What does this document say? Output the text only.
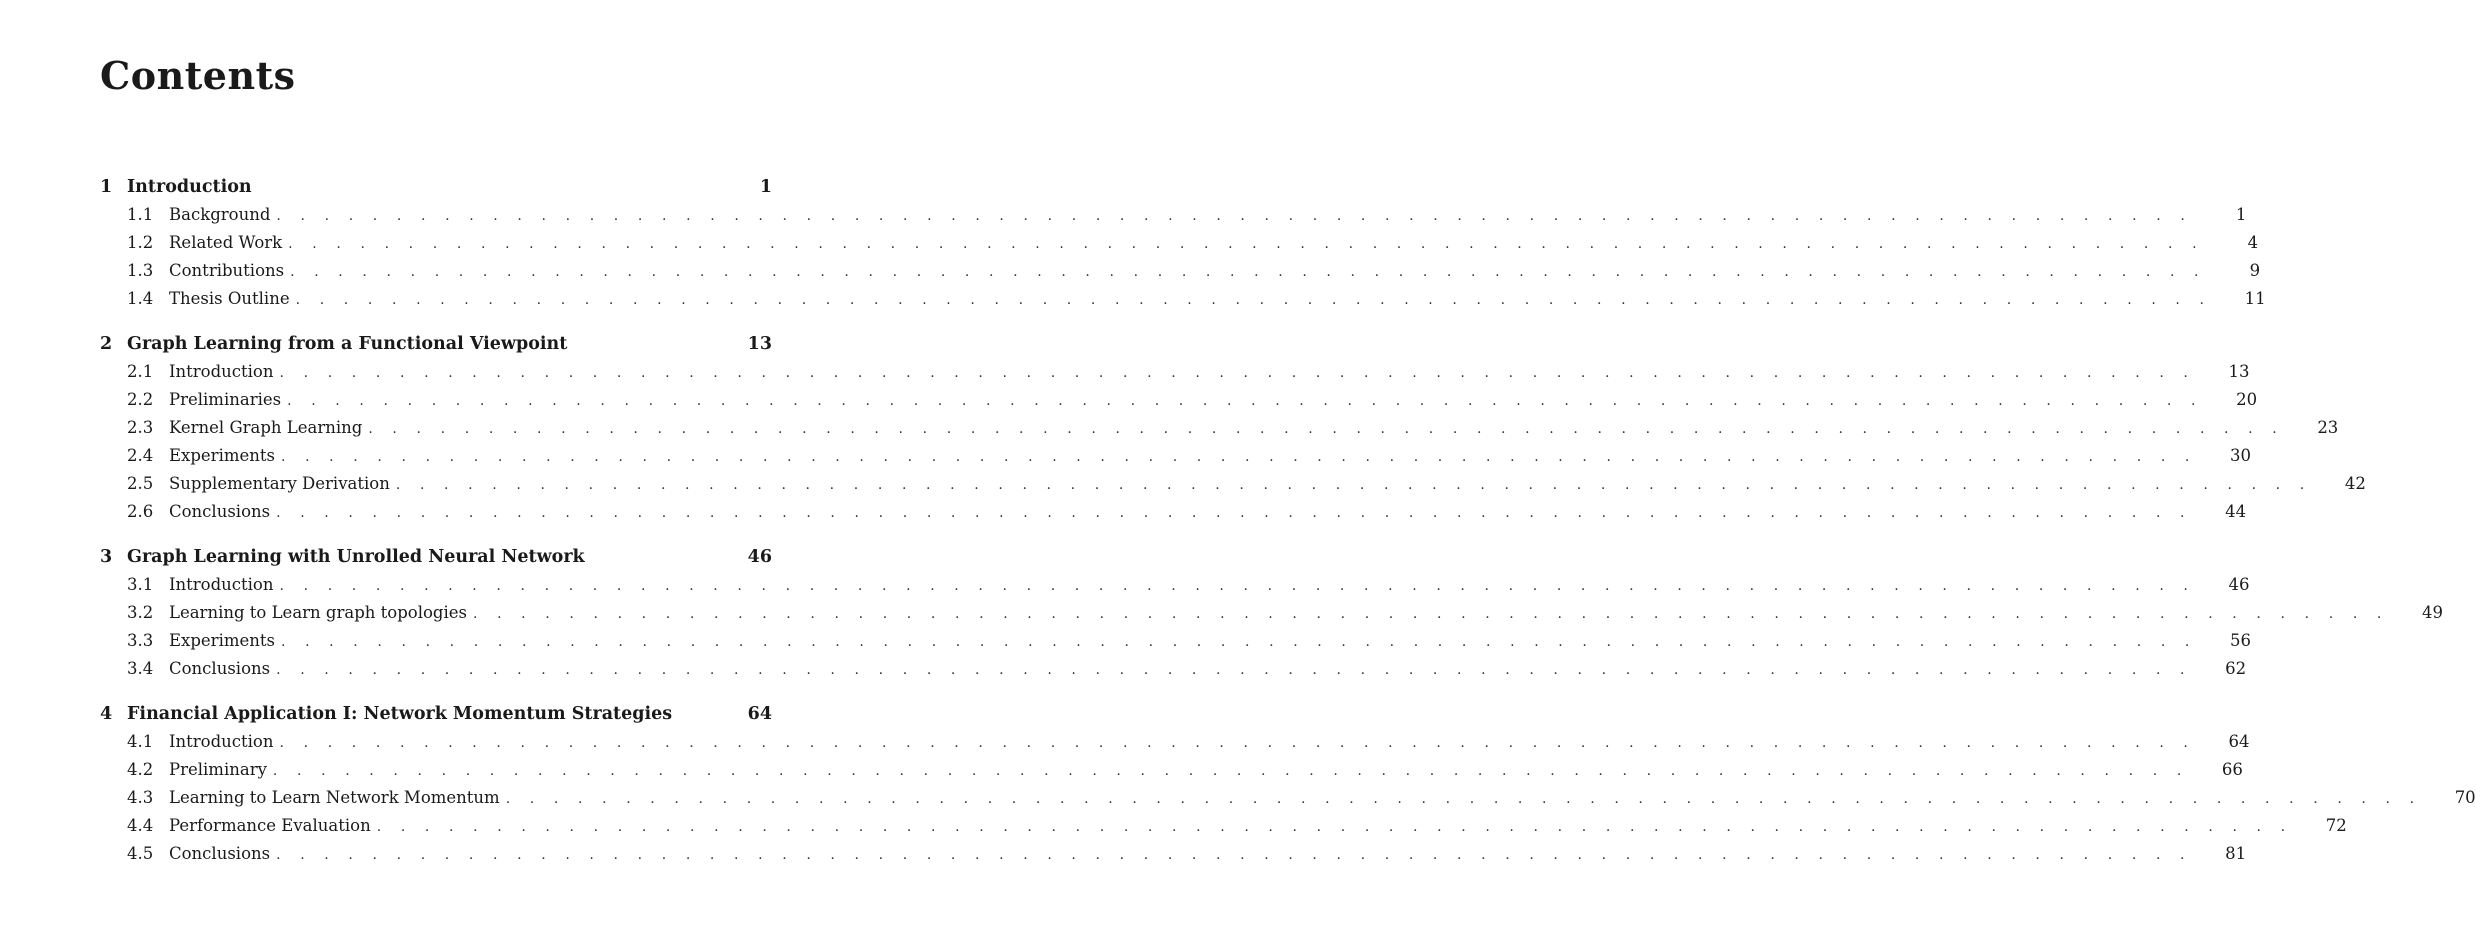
Contents
1 Introduction	1
1.1 Background . . . . . . . . . . . . . . . . . . . . . . . . . . . . . . . . . . . . . . . . . . . . . . . . . . . . . . . . . . . . . . . . . . . . . . . . . . . . . . . .	1
1.2 Related Work . . . . . . . . . . . . . . . . . . . . . . . . . . . . . . . . . . . . . . . . . . . . . . . . . . . . . . . . . . . . . . . . . . . . . . . . . . . . . . . .	4
1.3 Contributions . . . . . . . . . . . . . . . . . . . . . . . . . . . . . . . . . . . . . . . . . . . . . . . . . . . . . . . . . . . . . . . . . . . . . . . . . . . . . . . .	9
1.4 Thesis Outline . . . . . . . . . . . . . . . . . . . . . . . . . . . . . . . . . . . . . . . . . . . . . . . . . . . . . . . . . . . . . . . . . . . . . . . . . . . . . . . . 11
2 Graph Learning from a Functional Viewpoint	13
2.1 Introduction . . . . . . . . . . . . . . . . . . . . . . . . . . . . . . . . . . . . . . . . . . . . . . . . . . . . . . . . . . . . . . . . . . . . . . . . . . . . . . . . 13
2.2 Preliminaries . . . . . . . . . . . . . . . . . . . . . . . . . . . . . . . . . . . . . . . . . . . . . . . . . . . . . . . . . . . . . . . . . . . . . . . . . . . . . . . . 20
2.3 Kernel Graph Learning . . . . . . . . . . . . . . . . . . . . . . . . . . . . . . . . . . . . . . . . . . . . . . . . . . . . . . . . . . . . . . . . . . . . . . . . . . . . . . . . 23
2.4 Experiments . . . . . . . . . . . . . . . . . . . . . . . . . . . . . . . . . . . . . . . . . . . . . . . . . . . . . . . . . . . . . . . . . . . . . . . . . . . . . . . . 30
2.5 Supplementary Derivation . . . . . . . . . . . . . . . . . . . . . . . . . . . . . . . . . . . . . . . . . . . . . . . . . . . . . . . . . . . . . . . . . . . . . . . . . . . . . . . . 42
2.6 Conclusions . . . . . . . . . . . . . . . . . . . . . . . . . . . . . . . . . . . . . . . . . . . . . . . . . . . . . . . . . . . . . . . . . . . . . . . . . . . . . . . . 44
3 Graph Learning with Unrolled Neural Network	46
3.1 Introduction . . . . . . . . . . . . . . . . . . . . . . . . . . . . . . . . . . . . . . . . . . . . . . . . . . . . . . . . . . . . . . . . . . . . . . . . . . . . . . . . 46
3.2 Learning to Learn graph topologies . . . . . . . . . . . . . . . . . . . . . . . . . . . . . . . . . . . . . . . . . . . . . . . . . . . . . . . . . . . . . . . . . . . . . . . . . . . . . . . . 49
3.3 Experiments . . . . . . . . . . . . . . . . . . . . . . . . . . . . . . . . . . . . . . . . . . . . . . . . . . . . . . . . . . . . . . . . . . . . . . . . . . . . . . . . 56
3.4 Conclusions . . . . . . . . . . . . . . . . . . . . . . . . . . . . . . . . . . . . . . . . . . . . . . . . . . . . . . . . . . . . . . . . . . . . . . . . . . . . . . . . 62
4 Financial Application I: Network Momentum Strategies	64
4.1 Introduction . . . . . . . . . . . . . . . . . . . . . . . . . . . . . . . . . . . . . . . . . . . . . . . . . . . . . . . . . . . . . . . . . . . . . . . . . . . . . . . . 64
4.2 Preliminary . . . . . . . . . . . . . . . . . . . . . . . . . . . . . . . . . . . . . . . . . . . . . . . . . . . . . . . . . . . . . . . . . . . . . . . . . . . . . . . . 66
4.3 Learning to Learn Network Momentum . . . . . . . . . . . . . . . . . . . . . . . . . . . . . . . . . . . . . . . . . . . . . . . . . . . . . . . . . . . . . . . . . . . . . . . . . . . . . . . . 70
4.4 Performance Evaluation . . . . . . . . . . . . . . . . . . . . . . . . . . . . . . . . . . . . . . . . . . . . . . . . . . . . . . . . . . . . . . . . . . . . . . . . . . . . . . . . 72
4.5 Conclusions . . . . . . . . . . . . . . . . . . . . . . . . . . . . . . . . . . . . . . . . . . . . . . . . . . . . . . . . . . . . . . . . . . . . . . . . . . . . . . . . 81
